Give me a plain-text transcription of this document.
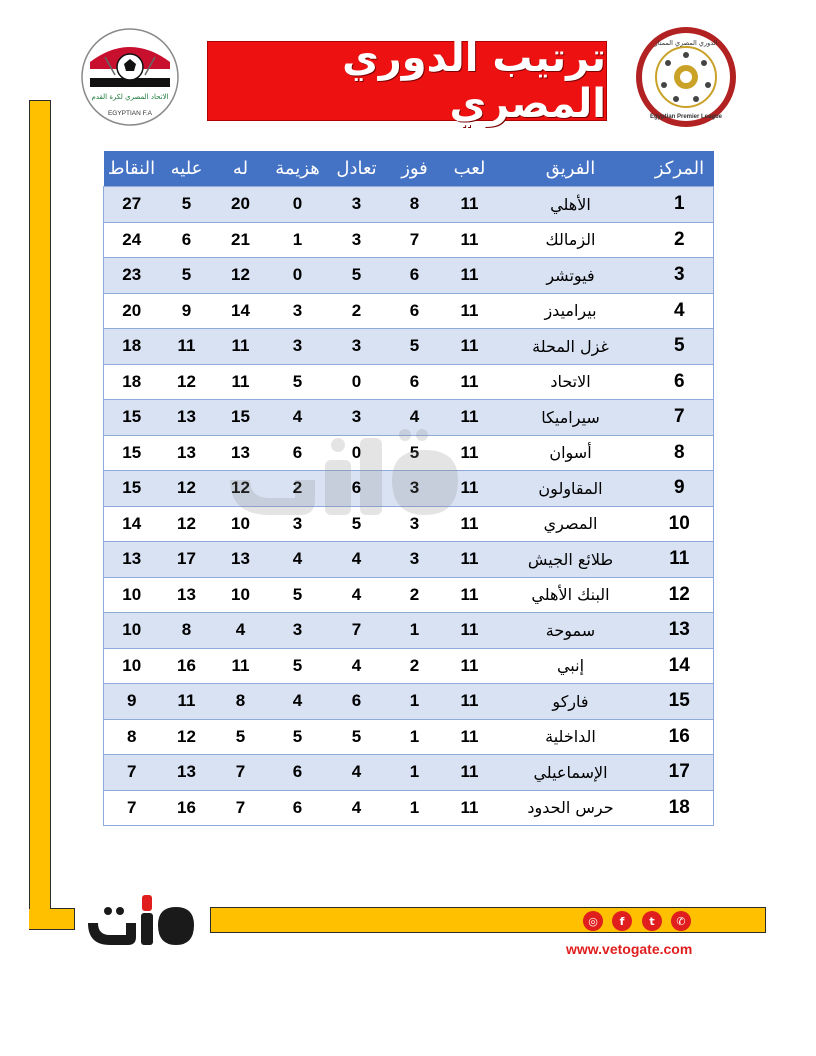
الاتحاد المصري لكرة القدم
EGYPTIAN F.A
ترتيب الدوري المصري
الدوري المصري الممتاز
Egyptian Premier League
المركز	الفريق	لعب	فوز	تعادل	هزيمة	له	عليه	النقاط
1	الأهلي	11	8	3	0	20	5	27
2	الزمالك	11	7	3	1	21	6	24
3	فيوتشر	11	6	5	0	12	5	23
4	بيراميدز	11	6	2	3	14	9	20
5	غزل المحلة	11	5	3	3	11	11	18
6	الاتحاد	11	6	0	5	11	12	18
7	سيراميكا	11	4	3	4	15	13	15
8	أسوان	11	5	0	6	13	13	15
9	المقاولون	11	3	6	2	12	12	15
10	المصري	11	3	5	3	10	12	14
11	طلائع الجيش	11	3	4	4	13	17	13
12	البنك الأهلي	11	2	4	5	10	13	10
13	سموحة	11	1	7	3	4	8	10
14	إنبي	11	2	4	5	11	16	10
15	فاركو	11	1	6	4	8	11	9
16	الداخلية	11	1	5	5	5	12	8
17	الإسماعيلي	11	1	4	6	7	13	7
18	حرس الحدود	11	1	4	6	7	16	7
◎	f	t	✆
www.vetogate.com
